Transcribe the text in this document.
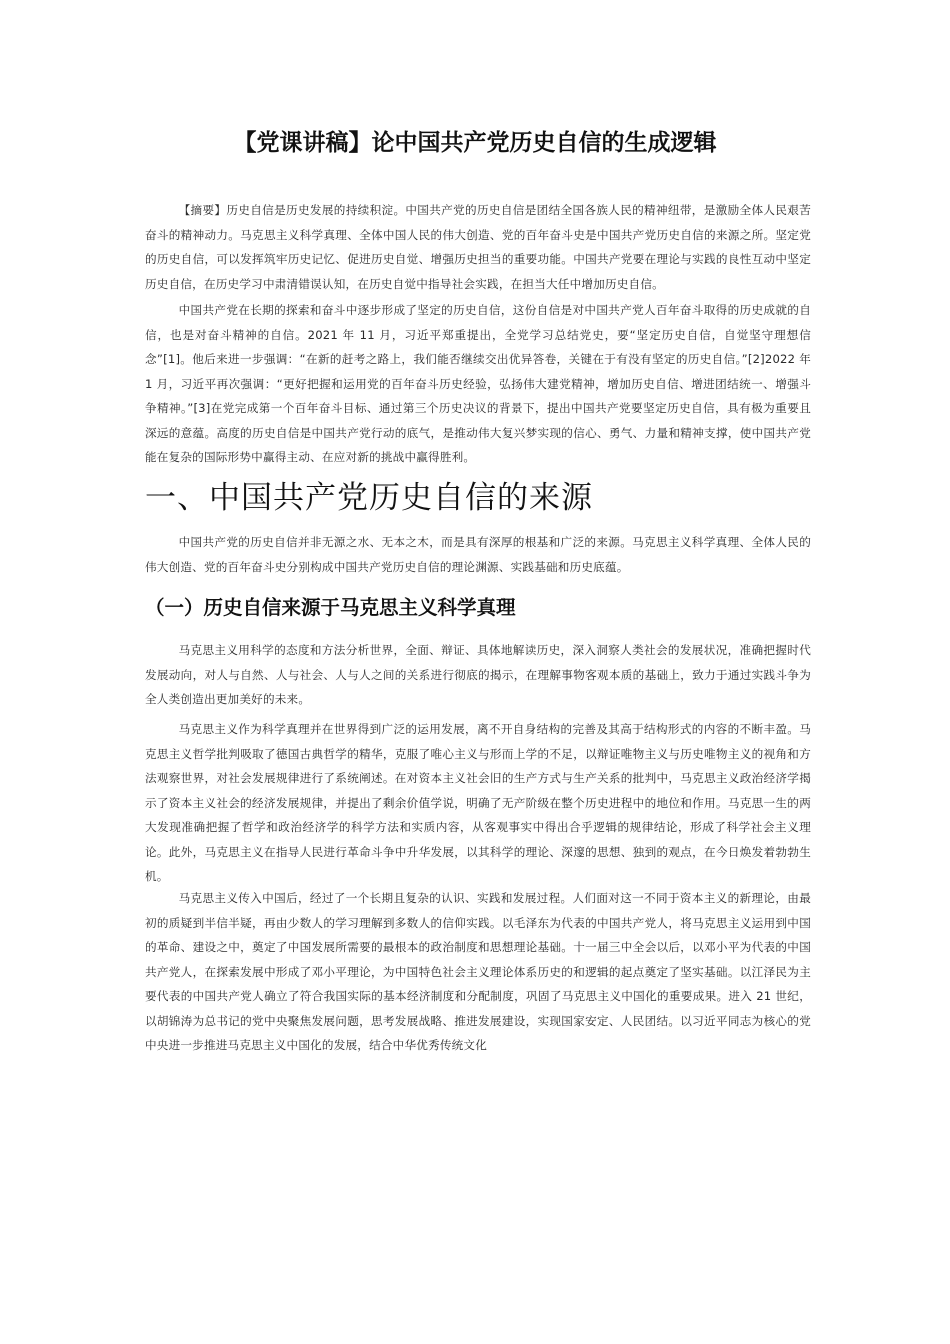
【党课讲稿】论中国共产党历史自信的生成逻辑

【摘要】历史自信是历史发展的持续积淀。中国共产党的历史自信是团结全国各族人民的精神纽带，是激励全体人民艰苦奋斗的精神动力。马克思主义科学真理、全体中国人民的伟大创造、党的百年奋斗史是中国共产党历史自信的来源之所。坚定党的历史自信，可以发挥筑牢历史记忆、促进历史自觉、增强历史担当的重要功能。中国共产党要在理论与实践的良性互动中坚定历史自信，在历史学习中肃清错误认知，在历史自觉中指导社会实践，在担当大任中增加历史自信。

中国共产党在长期的探索和奋斗中逐步形成了坚定的历史自信，这份自信是对中国共产党人百年奋斗取得的历史成就的自信，也是对奋斗精神的自信。2021 年 11 月，习近平郑重提出，全党学习总结党史，要“坚定历史自信，自觉坚守理想信念”[1]。他后来进一步强调：“在新的赶考之路上，我们能否继续交出优异答卷，关键在于有没有坚定的历史自信。”[2]2022 年 1 月，习近平再次强调：“更好把握和运用党的百年奋斗历史经验，弘扬伟大建党精神，增加历史自信、增进团结统一、增强斗争精神。”[3]在党完成第一个百年奋斗目标、通过第三个历史决议的背景下，提出中国共产党要坚定历史自信，具有极为重要且深远的意蕴。高度的历史自信是中国共产党行动的底气，是推动伟大复兴梦实现的信心、勇气、力量和精神支撑，使中国共产党能在复杂的国际形势中赢得主动、在应对新的挑战中赢得胜利。

一、中国共产党历史自信的来源

中国共产党的历史自信并非无源之水、无本之木，而是具有深厚的根基和广泛的来源。马克思主义科学真理、全体人民的伟大创造、党的百年奋斗史分别构成中国共产党历史自信的理论渊源、实践基础和历史底蕴。

（一）历史自信来源于马克思主义科学真理

马克思主义用科学的态度和方法分析世界，全面、辩证、具体地解读历史，深入洞察人类社会的发展状况，准确把握时代发展动向，对人与自然、人与社会、人与人之间的关系进行彻底的揭示，在理解事物客观本质的基础上，致力于通过实践斗争为全人类创造出更加美好的未来。

马克思主义作为科学真理并在世界得到广泛的运用发展，离不开自身结构的完善及其高于结构形式的内容的不断丰盈。马克思主义哲学批判吸取了德国古典哲学的精华，克服了唯心主义与形而上学的不足，以辩证唯物主义与历史唯物主义的视角和方法观察世界，对社会发展规律进行了系统阐述。在对资本主义社会旧的生产方式与生产关系的批判中，马克思主义政治经济学揭示了资本主义社会的经济发展规律，并提出了剩余价值学说，明确了无产阶级在整个历史进程中的地位和作用。马克思一生的两大发现准确把握了哲学和政治经济学的科学方法和实质内容，从客观事实中得出合乎逻辑的规律结论，形成了科学社会主义理论。此外，马克思主义在指导人民进行革命斗争中升华发展，以其科学的理论、深邃的思想、独到的观点，在今日焕发着勃勃生机。

马克思主义传入中国后，经过了一个长期且复杂的认识、实践和发展过程。人们面对这一不同于资本主义的新理论，由最初的质疑到半信半疑，再由少数人的学习理解到多数人的信仰实践。以毛泽东为代表的中国共产党人，将马克思主义运用到中国的革命、建设之中，奠定了中国发展所需要的最根本的政治制度和思想理论基础。十一届三中全会以后，以邓小平为代表的中国共产党人，在探索发展中形成了邓小平理论，为中国特色社会主义理论体系历史的和逻辑的起点奠定了坚实基础。以江泽民为主要代表的中国共产党人确立了符合我国实际的基本经济制度和分配制度，巩固了马克思主义中国化的重要成果。进入 21 世纪，以胡锦涛为总书记的党中央聚焦发展问题，思考发展战略、推进发展建设，实现国家安定、人民团结。以习近平同志为核心的党中央进一步推进马克思主义中国化的发展，结合中华优秀传统文化
